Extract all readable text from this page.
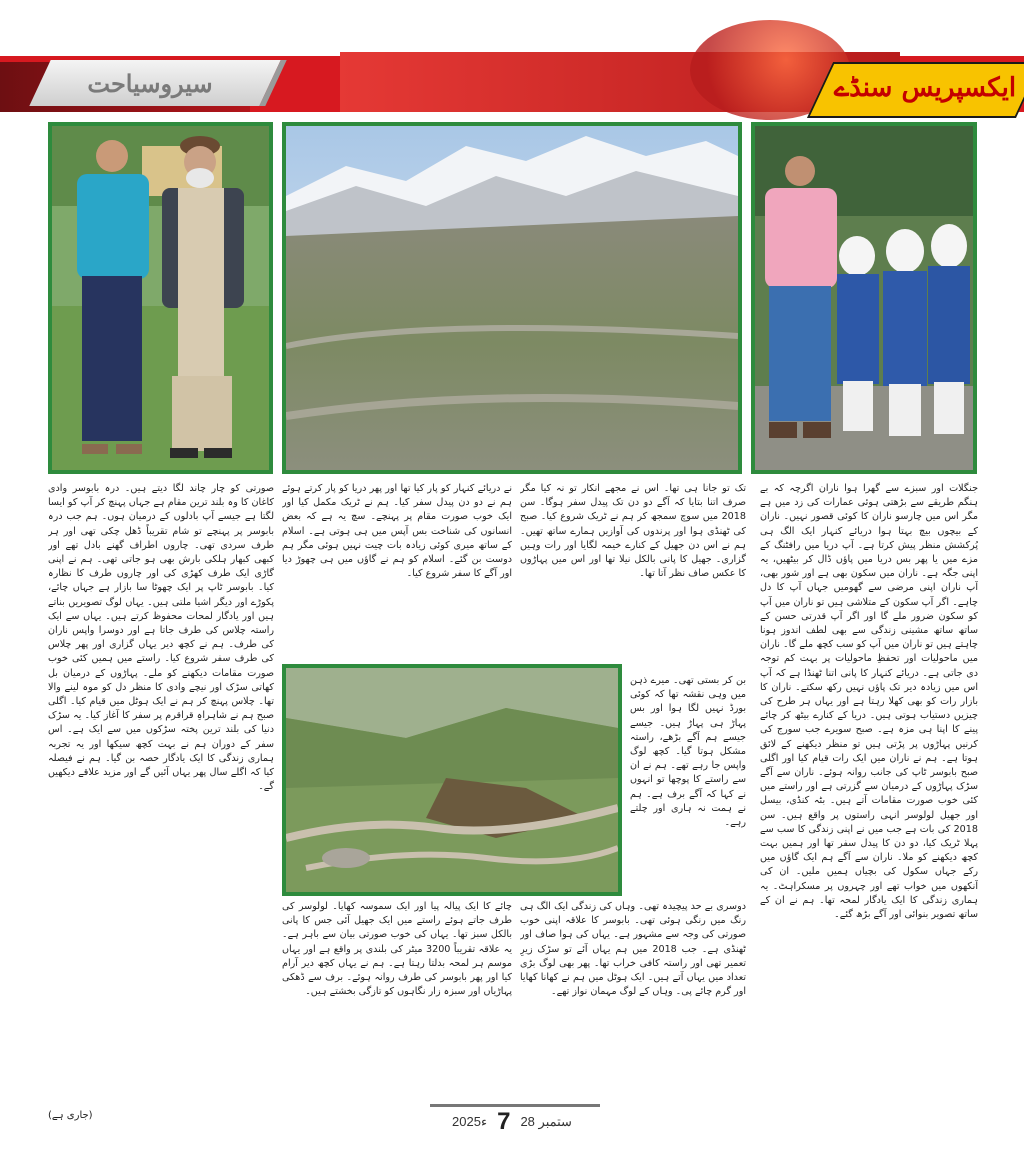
سیروسیاحت	ایکسپریس سنڈے
جنگلات اور سبزے سے گھرا ہوا ناران اگرچہ کہ بے ہنگم طریقے سے بڑھتی ہوئی عمارات کی زد میں ہے مگر اس میں چارسو ناران کا کوئی قصور نہیں۔ ناران کے بیچوں بیچ بہتا ہوا دریائے کنہار ایک الگ ہی پُرکشش منظر پیش کرتا ہے۔ آپ دریا میں رافٹنگ کے مزے میں یا پھر بس دریا میں پاؤں ڈال کر بیٹھیں، یہ اپنی جگہ ہے۔ ناران میں سکون بھی ہے اور شور بھی، آپ ناران اپنی مرضی سے گھومیں جہاں آپ کا دل چاہے۔ اگر آپ سکون کے متلاشی ہیں تو ناران میں آپ کو سکون ضرور ملے گا اور اگر آپ قدرتی حسن کے ساتھ ساتھ مشینی زندگی سے بھی لطف اندوز ہونا چاہتے ہیں تو ناران میں آپ کو سب کچھ ملے گا۔ ناران میں ماحولیات اور تحفظِ ماحولیات پر بہت کم توجہ دی جاتی ہے۔ دریائے کنہار کا پانی اتنا ٹھنڈا ہے کہ آپ اس میں زیادہ دیر تک پاؤں نہیں رکھ سکتے۔ ناران کا بازار رات کو بھی کھلا رہتا ہے اور یہاں ہر طرح کی چیزیں دستیاب ہوتی ہیں۔ دریا کے کنارے بیٹھ کر چائے پینے کا اپنا ہی مزہ ہے۔ صبح سویرے جب سورج کی کرنیں پہاڑوں پر پڑتی ہیں تو منظر دیکھنے کے لائق ہوتا ہے۔ ہم نے ناران میں ایک رات قیام کیا اور اگلی صبح بابوسر ٹاپ کی جانب روانہ ہوئے۔ ناران سے آگے سڑک پہاڑوں کے درمیان سے گزرتی ہے اور راستے میں کئی خوب صورت مقامات آتے ہیں۔ بٹہ کنڈی، بیسل اور جھیل لولوسر انہی راستوں پر واقع ہیں۔ سن 2018 کی بات ہے جب میں نے اپنی زندگی کا سب سے پہلا ٹریک کیا، دو دن کا پیدل سفر تھا اور ہمیں بہت کچھ دیکھنے کو ملا۔ ناران سے آگے ہم ایک گاؤں میں رکے جہاں سکول کی بچیاں ہمیں ملیں۔ ان کی آنکھوں میں خواب تھے اور چہروں پر مسکراہٹ۔ یہ ہماری زندگی کا ایک یادگار لمحہ تھا۔ ہم نے ان کے ساتھ تصویر بنوائی اور آگے بڑھ گئے۔
تک تو جانا ہی تھا۔ اس نے مجھے انکار تو نہ کیا مگر صرف اتنا بتایا کہ آگے دو دن تک پیدل سفر ہوگا۔ سن 2018 میں سوچ سمجھ کر ہم نے ٹریک شروع کیا۔ صبح کی ٹھنڈی ہوا اور پرندوں کی آوازیں ہمارے ساتھ تھیں۔ ہم نے اس دن جھیل کے کنارے خیمہ لگایا اور رات وہیں گزاری۔ جھیل کا پانی بالکل نیلا تھا اور اس میں پہاڑوں کا عکس صاف نظر آتا تھا۔
بن کر بستی تھی۔ میرے ذہن میں وہی نقشہ تھا کہ کوئی بورڈ نہیں لگا ہوا اور بس پہاڑ ہی پہاڑ ہیں۔ جیسے جیسے ہم آگے بڑھے، راستہ مشکل ہوتا گیا۔ کچھ لوگ واپس جا رہے تھے۔ ہم نے ان سے راستے کا پوچھا تو انہوں نے کہا کہ آگے برف ہے۔ ہم نے ہمت نہ ہاری اور چلتے رہے۔
دوسری بے حد پیچیدہ تھی۔ وہاں کی زندگی ایک الگ ہی رنگ میں رنگی ہوئی تھی۔ بابوسر کا علاقہ اپنی خوب صورتی کی وجہ سے مشہور ہے۔ یہاں کی ہوا صاف اور ٹھنڈی ہے۔ جب 2018 میں ہم یہاں آئے تو سڑک زیرِ تعمیر تھی اور راستہ کافی خراب تھا۔ پھر بھی لوگ بڑی تعداد میں یہاں آتے ہیں۔ ایک ہوٹل میں ہم نے کھانا کھایا اور گرم چائے پی۔ وہاں کے لوگ مہمان نواز تھے۔
نے دریائے کنہار کو پار کیا تھا اور پھر دریا کو پار کرتے ہوئے ہم نے دو دن پیدل سفر کیا۔ ہم نے ٹریک مکمل کیا اور ایک خوب صورت مقام پر پہنچے۔ سچ یہ ہے کہ بعض انسانوں کی شناخت بس آپس میں ہی ہوتی ہے۔ اسلام کے ساتھ میری کوئی زیادہ بات چیت نہیں ہوئی مگر ہم دوست بن گئے۔ اسلام کو ہم نے گاؤں میں ہی چھوڑ دیا اور آگے کا سفر شروع کیا۔
چائے کا ایک پیالہ پیا اور ایک سموسہ کھایا۔ لولوسر کی طرف جاتے ہوئے راستے میں ایک جھیل آئی جس کا پانی بالکل سبز تھا۔ یہاں کی خوب صورتی بیان سے باہر ہے۔ یہ علاقہ تقریباً 3200 میٹر کی بلندی پر واقع ہے اور یہاں موسم ہر لمحہ بدلتا رہتا ہے۔ ہم نے یہاں کچھ دیر آرام کیا اور پھر بابوسر کی طرف روانہ ہوئے۔ برف سے ڈھکی پہاڑیاں اور سبزہ زار نگاہوں کو تازگی بخشتے ہیں۔
صورتی کو چار چاند لگا دیتے ہیں۔ درہ بابوسر وادی کاغان کا وہ بلند ترین مقام ہے جہاں پہنچ کر آپ کو ایسا لگتا ہے جیسے آپ بادلوں کے درمیان ہوں۔ ہم جب درہ بابوسر پر پہنچے تو شام تقریباً ڈھل چکی تھی اور ہر طرف سردی تھی۔ چاروں اطراف گھنے بادل تھے اور کبھی کبھار ہلکی بارش بھی ہو جاتی تھی۔ ہم نے اپنی گاڑی ایک طرف کھڑی کی اور چاروں طرف کا نظارہ کیا۔ بابوسر ٹاپ پر ایک چھوٹا سا بازار ہے جہاں چائے، پکوڑے اور دیگر اشیا ملتی ہیں۔ یہاں لوگ تصویریں بناتے ہیں اور یادگار لمحات محفوظ کرتے ہیں۔ یہاں سے ایک راستہ چلاس کی طرف جاتا ہے اور دوسرا واپس ناران کی طرف۔ ہم نے کچھ دیر یہاں گزاری اور پھر چلاس کی طرف سفر شروع کیا۔ راستے میں ہمیں کئی خوب صورت مقامات دیکھنے کو ملے۔ پہاڑوں کے درمیان بل کھاتی سڑک اور نیچے وادی کا منظر دل کو موہ لینے والا تھا۔ چلاس پہنچ کر ہم نے ایک ہوٹل میں قیام کیا۔ اگلی صبح ہم نے شاہراہِ قراقرم پر سفر کا آغاز کیا۔ یہ سڑک دنیا کی بلند ترین پختہ سڑکوں میں سے ایک ہے۔ اس سفر کے دوران ہم نے بہت کچھ سیکھا اور یہ تجربہ ہماری زندگی کا ایک یادگار حصہ بن گیا۔ ہم نے فیصلہ کیا کہ اگلے سال پھر یہاں آئیں گے اور مزید علاقے دیکھیں گے۔
(جاری ہے)	2025ء 7 28 ستمبر
